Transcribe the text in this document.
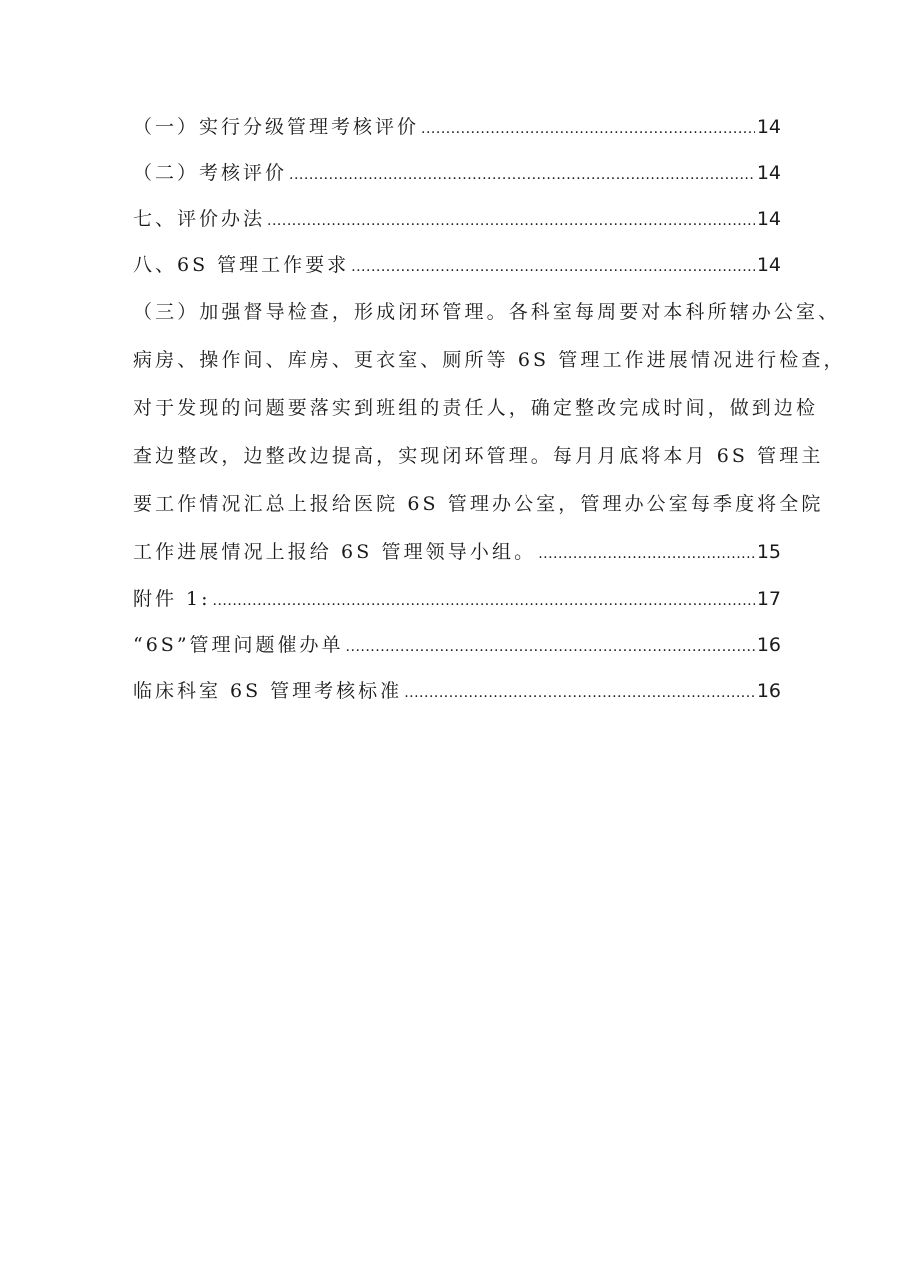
（一）实行分级管理考核评价 .....	14
（二）考核评价 .....	14
七、评价办法 .....	14
八、6S 管理工作要求 .....	14
（三）加强督导检查，形成闭环管理。各科室每周要对本科所辖办公室、
病房、操作间、库房、更衣室、厕所等 6S 管理工作进展情况进行检查，
对于发现的问题要落实到班组的责任人，确定整改完成时间，做到边检
查边整改，边整改边提高，实现闭环管理。每月月底将本月 6S 管理主
要工作情况汇总上报给医院 6S 管理办公室，管理办公室每季度将全院
工作进展情况上报给 6S 管理领导小组。 .....	15
附件 1: .....	17
“6S”管理问题催办单 .....	16
临床科室 6S 管理考核标准 .....	16
